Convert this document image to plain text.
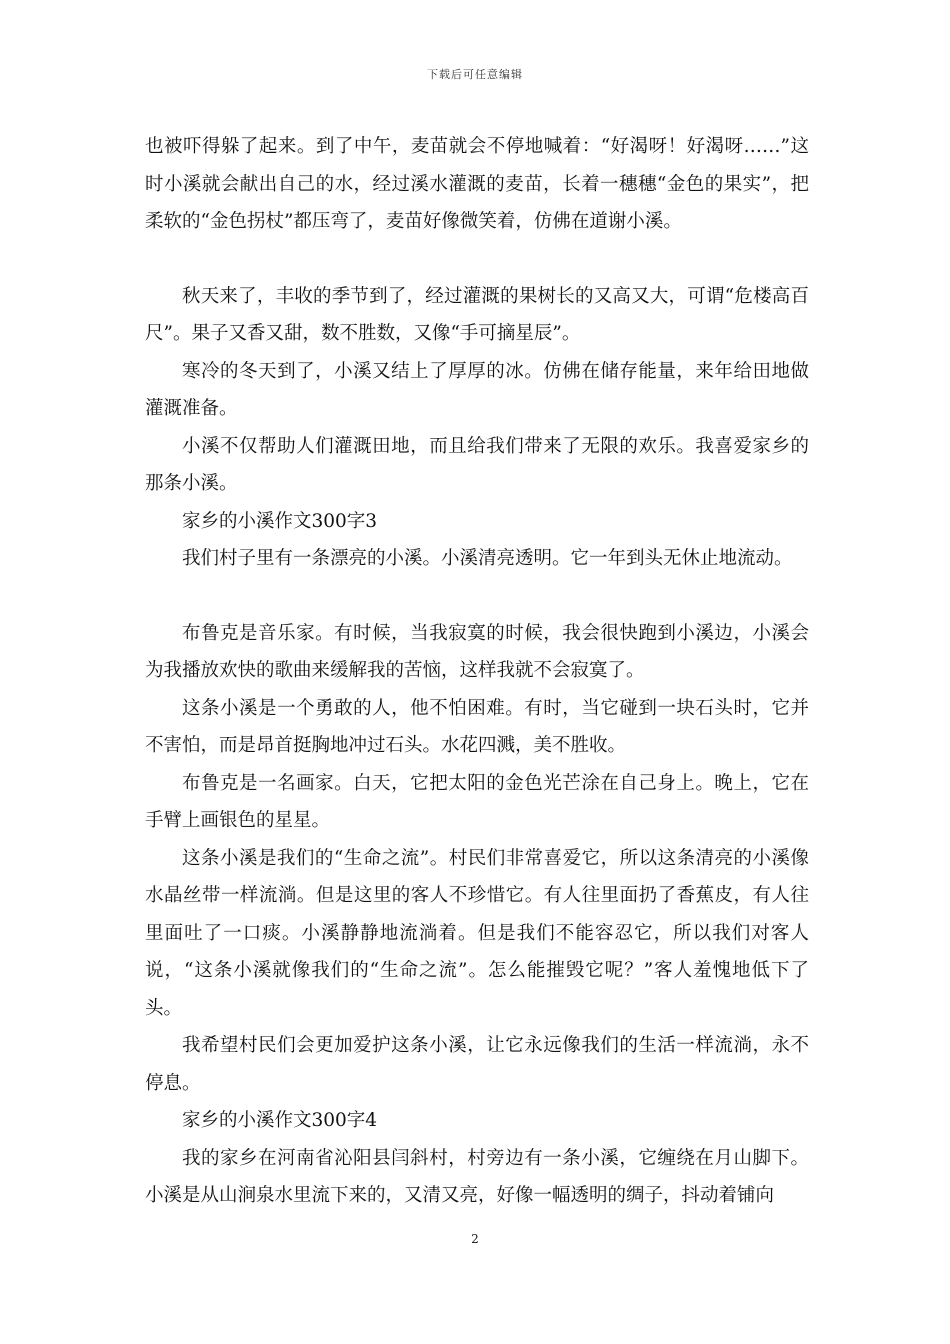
下载后可任意编辑

也被吓得躲了起来。到了中午，麦苗就会不停地喊着：“好渴呀！好渴呀……”这时小溪就会献出自己的水，经过溪水灌溉的麦苗，长着一穗穗“金色的果实”，把柔软的“金色拐杖”都压弯了，麦苗好像微笑着，仿佛在道谢小溪。

秋天来了，丰收的季节到了，经过灌溉的果树长的又高又大，可谓“危楼高百尺”。果子又香又甜，数不胜数，又像“手可摘星辰”。

寒冷的冬天到了，小溪又结上了厚厚的冰。仿佛在储存能量，来年给田地做灌溉准备。

小溪不仅帮助人们灌溉田地，而且给我们带来了无限的欢乐。我喜爱家乡的那条小溪。

家乡的小溪作文300字3

我们村子里有一条漂亮的小溪。小溪清亮透明。它一年到头无休止地流动。

布鲁克是音乐家。有时候，当我寂寞的时候，我会很快跑到小溪边，小溪会为我播放欢快的歌曲来缓解我的苦恼，这样我就不会寂寞了。

这条小溪是一个勇敢的人，他不怕困难。有时，当它碰到一块石头时，它并不害怕，而是昂首挺胸地冲过石头。水花四溅，美不胜收。

布鲁克是一名画家。白天，它把太阳的金色光芒涂在自己身上。晚上，它在手臂上画银色的星星。

这条小溪是我们的“生命之流”。村民们非常喜爱它，所以这条清亮的小溪像水晶丝带一样流淌。但是这里的客人不珍惜它。有人往里面扔了香蕉皮，有人往里面吐了一口痰。小溪静静地流淌着。但是我们不能容忍它，所以我们对客人说，“这条小溪就像我们的“生命之流”。怎么能摧毁它呢？”客人羞愧地低下了头。

我希望村民们会更加爱护这条小溪，让它永远像我们的生活一样流淌，永不停息。

家乡的小溪作文300字4

我的家乡在河南省沁阳县闫斜村，村旁边有一条小溪，它缠绕在月山脚下。小溪是从山涧泉水里流下来的，又清又亮，好像一幅透明的绸子，抖动着铺向

2
